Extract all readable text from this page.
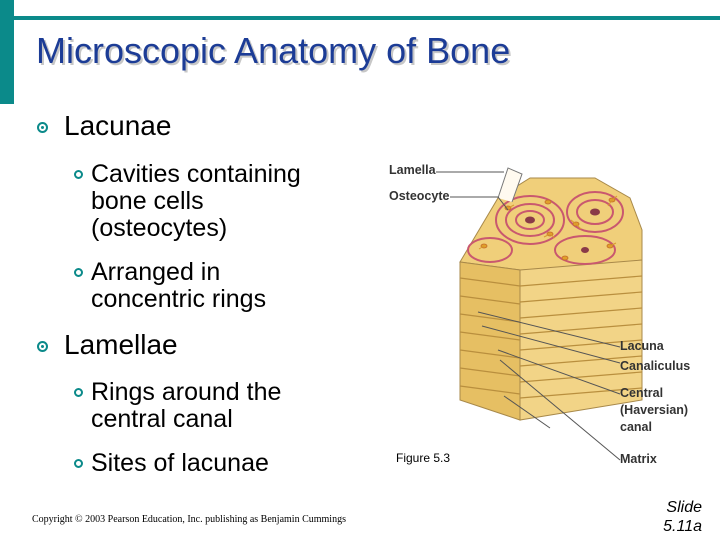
Microscopic Anatomy of Bone
Lacunae
Cavities containing
bone cells
(osteocytes)
Arranged in
concentric rings
Lamellae
Rings around the
central canal
Sites of lacunae
Lamella
Osteocyte
Lacuna
Canaliculus
Central
(Haversian)
canal
Matrix
Figure 5.3
Copyright © 2003 Pearson Education, Inc. publishing as Benjamin Cummings
Slide
5.11a
